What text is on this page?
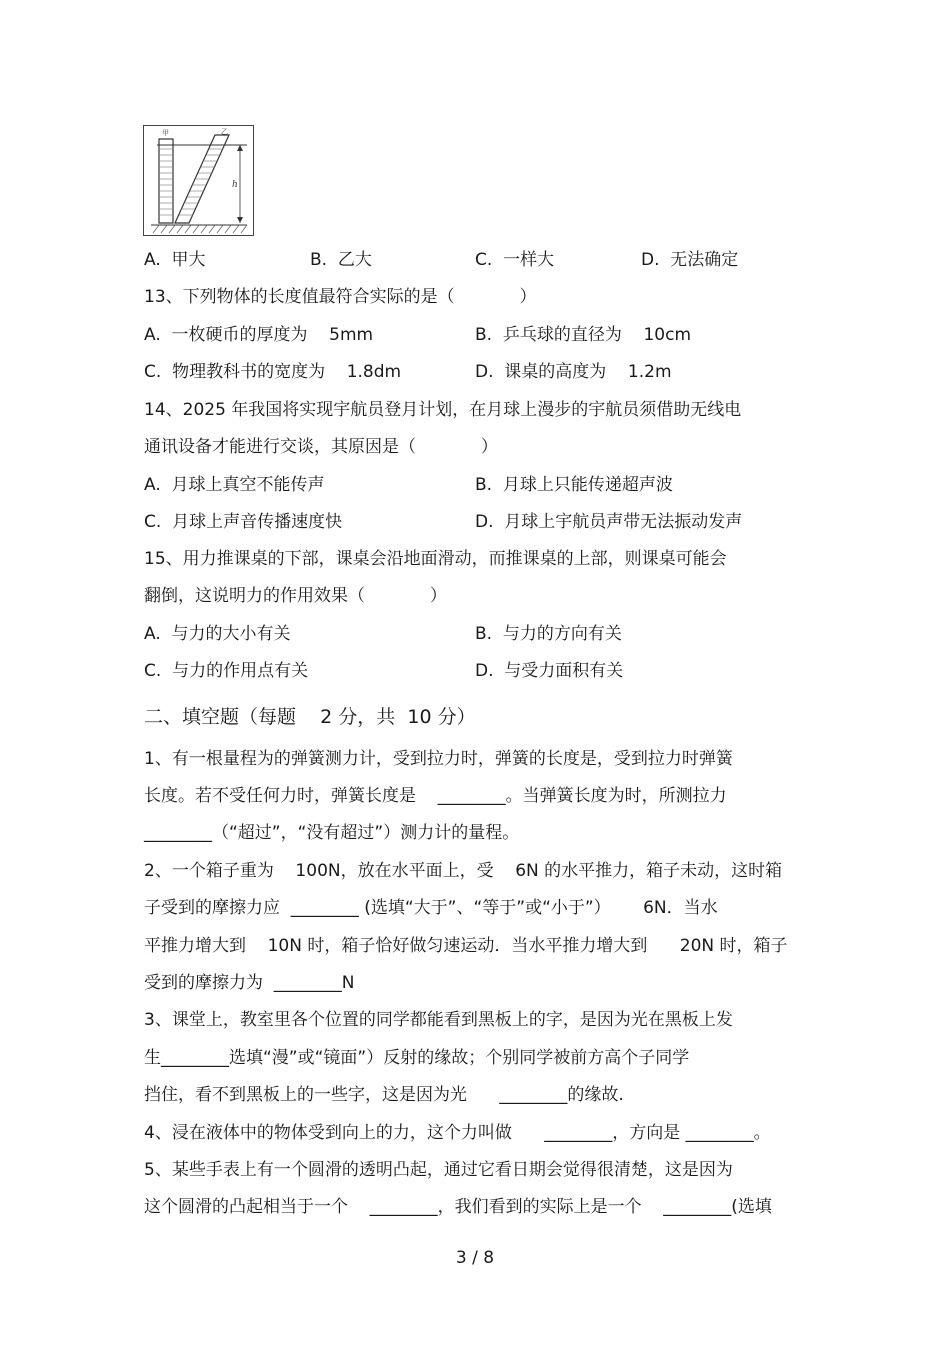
h
甲	乙
A.  甲大	B.  乙大	C.  一样大	D.  无法确定
13、下列物体的长度值最符合实际的是（            ）
A.  一枚硬币的厚度为    5mm	B.  乒乓球的直径为    10cm
C.  物理教科书的宽度为    1.8dm	D.  课桌的高度为    1.2m
14、2025 年我国将实现宇航员登月计划，在月球上漫步的宇航员须借助无线电
通讯设备才能进行交谈，其原因是（            ）
A.  月球上真空不能传声	B.  月球上只能传递超声波
C.  月球上声音传播速度快	D.  月球上宇航员声带无法振动发声
15、用力推课桌的下部，课桌会沿地面滑动，而推课桌的上部，则课桌可能会
翻倒，这说明力的作用效果（            ）
A.  与力的大小有关	B.  与力的方向有关
C.  与力的作用点有关	D.  与受力面积有关
二、填空题（每题    2 分，共  10 分）
1、有一根量程为的弹簧测力计，受到拉力时，弹簧的长度是，受到拉力时弹簧
长度。若不受任何力时，弹簧长度是    ________。当弹簧长度为时，所测拉力
________（“超过”，“没有超过”）测力计的量程。
2、一个箱子重为    100N，放在水平面上，受    6N 的水平推力，箱子未动，这时箱
子受到的摩擦力应  ________ (选填“大于”、“等于”或“小于”）      6N．当水
平推力增大到    10N 时，箱子恰好做匀速运动．当水平推力增大到      20N 时，箱子
受到的摩擦力为  ________N
3、课堂上，教室里各个位置的同学都能看到黑板上的字，是因为光在黑板上发
生________选填“漫”或“镜面”）反射的缘故；个别同学被前方高个子同学
挡住，看不到黑板上的一些字，这是因为光      ________的缘故.
4、浸在液体中的物体受到向上的力，这个力叫做      ________，方向是 ________。
5、某些手表上有一个圆滑的透明凸起，通过它看日期会觉得很清楚，这是因为
这个圆滑的凸起相当于一个    ________，我们看到的实际上是一个    ________(选填
3 / 8
